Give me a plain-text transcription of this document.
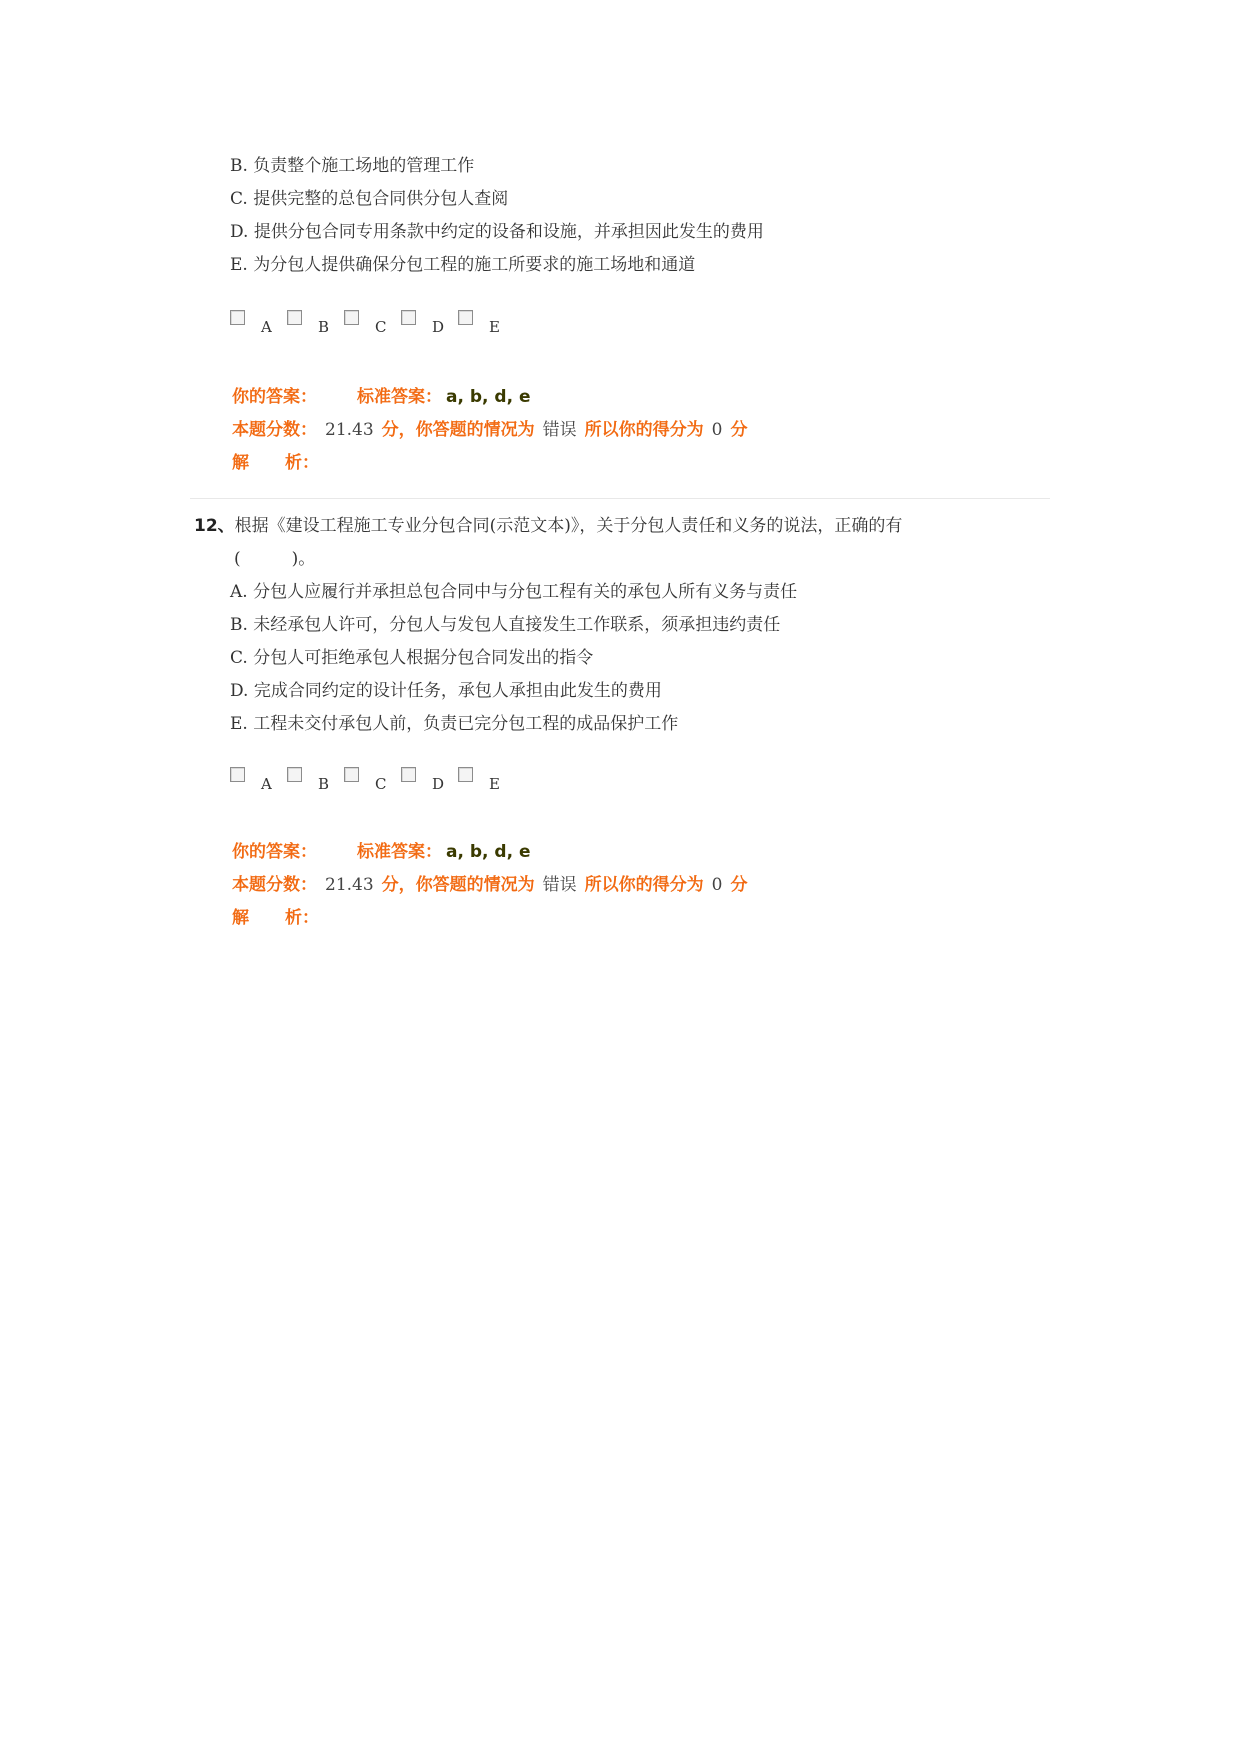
B. 负责整个施工场地的管理工作
C. 提供完整的总包合同供分包人查阅
D. 提供分包合同专用条款中约定的设备和设施，并承担因此发生的费用
E. 为分包人提供确保分包工程的施工所要求的施工场地和通道
A	B	C	D	E
你的答案： 标准答案： a, b, d, e
本题分数： 21.43 分，你答题的情况为 错误 所以你的得分为 0 分
解 析：
12、根据《建设工程施工专业分包合同(示范文本)》，关于分包人责任和义务的说法，正确的有
(　　　)。
A. 分包人应履行并承担总包合同中与分包工程有关的承包人所有义务与责任
B. 未经承包人许可，分包人与发包人直接发生工作联系，须承担违约责任
C. 分包人可拒绝承包人根据分包合同发出的指令
D. 完成合同约定的设计任务，承包人承担由此发生的费用
E. 工程未交付承包人前，负责已完分包工程的成品保护工作
A	B	C	D	E
你的答案： 标准答案： a, b, d, e
本题分数： 21.43 分，你答题的情况为 错误 所以你的得分为 0 分
解 析：
